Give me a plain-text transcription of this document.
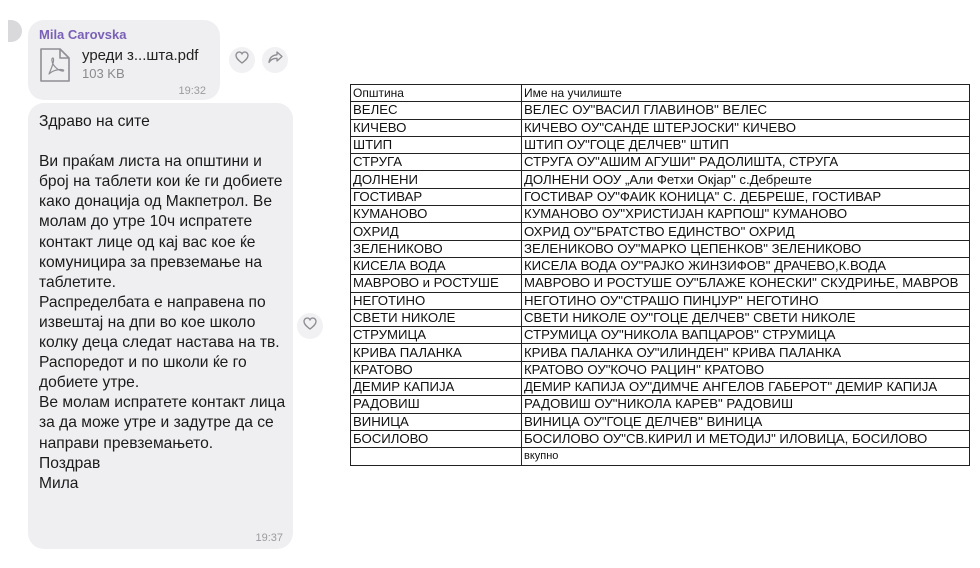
Mila Carovska
уреди з...шта.pdf
103 KB
19:32
Здраво на сите

Ви праќам листа на општини и број на таблети кои ќе ги добиете како донација од Макпетрол. Ве молам до утре 10ч испратете контакт лице од кај вас кое ќе комуницира за превземање на таблетите.
Распределбата е направена по извештај на дпи во кое школо колку деца следат настава на тв.
Распоредот и по школи ќе го добиете утре.
Ве молам испратете контакт лица за да може утре и задутре да се направи превземањето.
Поздрав
Мила
19:37
Општина	Име на училиште
ВЕЛЕС	ВЕЛЕС ОУ"ВАСИЛ ГЛАВИНОВ" ВЕЛЕС
КИЧЕВО	КИЧЕВО ОУ"САНДЕ ШТЕРЈОСКИ" КИЧЕВО
ШТИП	ШТИП ОУ"ГОЦЕ ДЕЛЧЕВ" ШТИП
СТРУГА	СТРУГА ОУ"АШИМ АГУШИ" РАДОЛИШТА, СТРУГА
ДОЛНЕНИ	ДОЛНЕНИ ООУ „Али Фетхи Окјар" с.Дебреште
ГОСТИВАР	ГОСТИВАР ОУ"ФАИК КОНИЦА" С. ДЕБРЕШЕ, ГОСТИВАР
КУМАНОВО	КУМАНОВО ОУ"ХРИСТИЈАН КАРПОШ" КУМАНОВО
ОХРИД	ОХРИД ОУ"БРАТСТВО ЕДИНСТВО" ОХРИД
ЗЕЛЕНИКОВО	ЗЕЛЕНИКОВО ОУ"МАРКО ЦЕПЕНКОВ" ЗЕЛЕНИКОВО
КИСЕЛА ВОДА	КИСЕЛА ВОДА ОУ"РАЈКО ЖИНЗИФОВ" ДРАЧЕВО,К.ВОДА
МАВРОВО и РОСТУШЕ	МАВРОВО И РОСТУШЕ ОУ"БЛАЖЕ КОНЕСКИ" СКУДРИЊЕ, МАВРОВ
НЕГОТИНО	НЕГОТИНО ОУ"СТРАШО ПИНЏУР" НЕГОТИНО
СВЕТИ НИКОЛЕ	СВЕТИ НИКОЛЕ ОУ"ГОЦЕ ДЕЛЧЕВ" СВЕТИ НИКОЛЕ
СТРУМИЦА	СТРУМИЦА ОУ"НИКОЛА ВАПЦАРОВ" СТРУМИЦА
КРИВА ПАЛАНКА	КРИВА ПАЛАНКА ОУ"ИЛИНДЕН" КРИВА ПАЛАНКА
КРАТОВО	КРАТОВО ОУ"КОЧО РАЦИН" КРАТОВО
ДЕМИР КАПИЈА	ДЕМИР КАПИЈА ОУ"ДИМЧЕ АНГЕЛОВ ГАБЕРОТ" ДЕМИР КАПИЈА
РАДОВИШ	РАДОВИШ ОУ"НИКОЛА КАРЕВ" РАДОВИШ
ВИНИЦА	ВИНИЦА ОУ"ГОЦЕ ДЕЛЧЕВ" ВИНИЦА
БОСИЛОВО	БОСИЛОВО ОУ"СВ.КИРИЛ И МЕТОДИЈ" ИЛОВИЦА, БОСИЛОВО
	вкупно
